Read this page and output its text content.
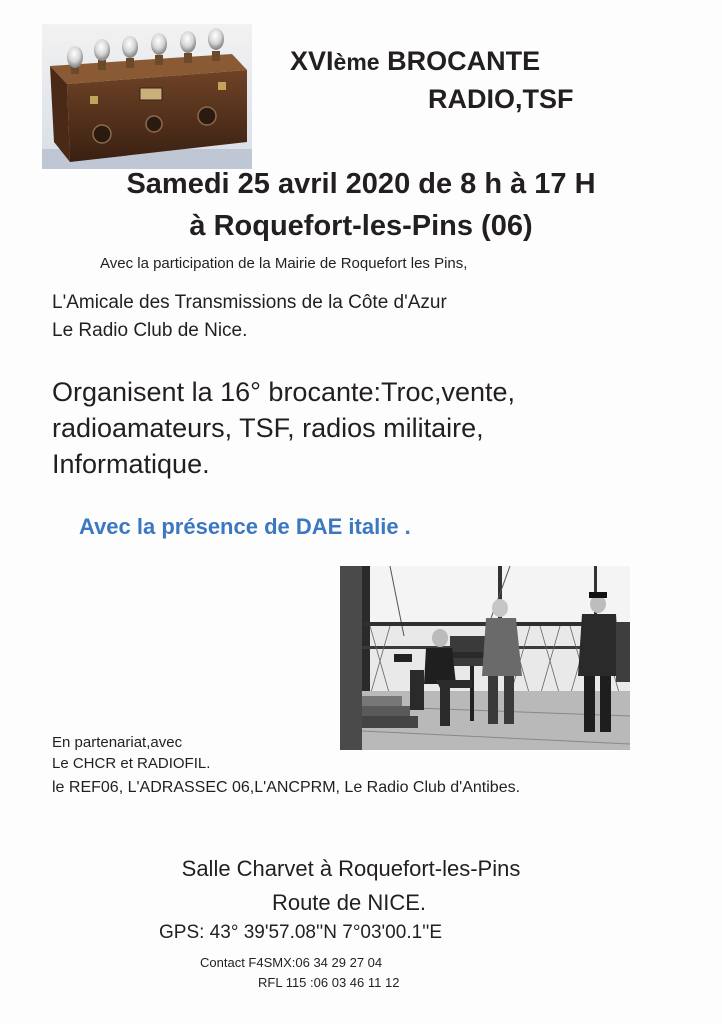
XVIème BROCANTE
RADIO,TSF
Samedi 25 avril 2020 de 8 h à 17 H
à Roquefort-les-Pins (06)
Avec la participation de la Mairie de Roquefort les Pins,
L'Amicale des Transmissions de la Côte d'Azur
Le Radio Club de Nice.
Organisent la 16° brocante:Troc,vente,
radioamateurs, TSF, radios militaire,
Informatique.
Avec la présence de DAE italie .
En partenariat,avec
Le CHCR et RADIOFIL.
le REF06, L'ADRASSEC 06,L'ANCPRM, Le Radio Club d'Antibes.
Salle Charvet à Roquefort-les-Pins
Route de NICE.
GPS: 43° 39'57.08''N 7°03'00.1''E
Contact F4SMX:06 34 29 27 04
RFL 115 :06 03 46 11 12
